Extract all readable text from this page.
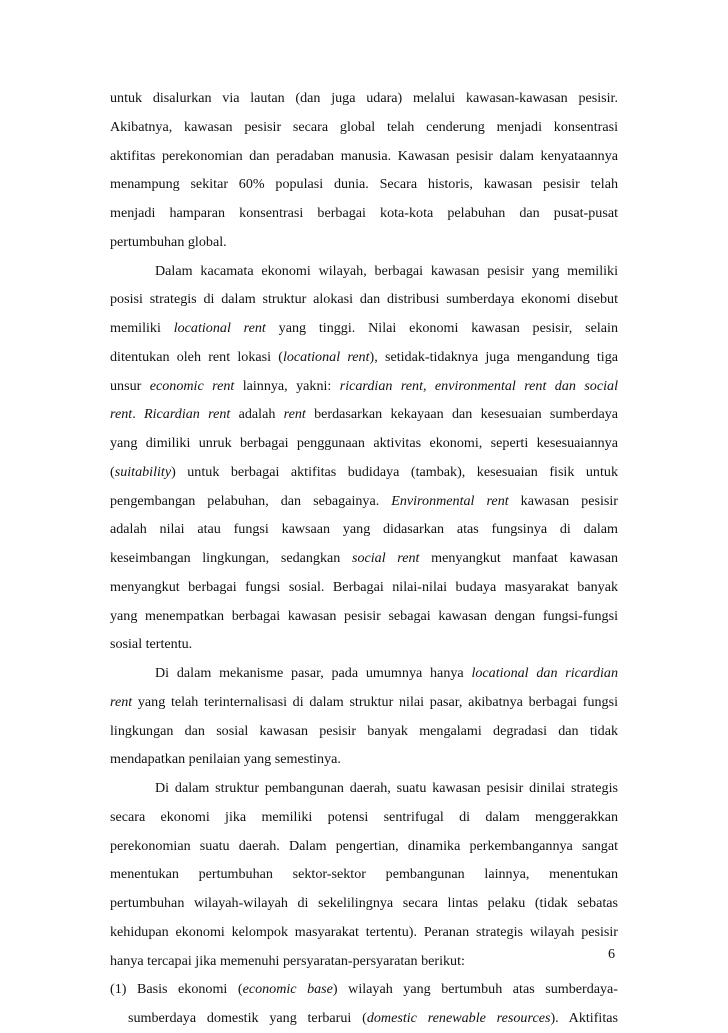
untuk disalurkan via lautan (dan juga udara) melalui kawasan-kawasan pesisir.
Akibatnya, kawasan pesisir secara global telah cenderung menjadi konsentrasi
aktifitas perekonomian dan peradaban manusia. Kawasan pesisir dalam kenyataannya
menampung sekitar 60% populasi dunia. Secara historis, kawasan pesisir telah
menjadi hamparan konsentrasi berbagai kota-kota pelabuhan dan pusat-pusat
pertumbuhan global.
Dalam kacamata ekonomi wilayah, berbagai kawasan pesisir yang memiliki
posisi strategis di dalam struktur alokasi dan distribusi sumberdaya ekonomi disebut
memiliki locational rent yang tinggi. Nilai ekonomi kawasan pesisir, selain
ditentukan oleh rent lokasi (locational rent), setidak-tidaknya juga mengandung tiga
unsur economic rent lainnya, yakni: ricardian rent, environmental rent dan social
rent. Ricardian rent adalah rent berdasarkan kekayaan dan kesesuaian sumberdaya
yang dimiliki unruk berbagai penggunaan aktivitas ekonomi, seperti kesesuaiannya
(suitability) untuk berbagai aktifitas budidaya (tambak), kesesuaian fisik untuk
pengembangan pelabuhan, dan sebagainya. Environmental rent kawasan pesisir
adalah nilai atau fungsi kawsaan yang didasarkan atas fungsinya di dalam
keseimbangan lingkungan, sedangkan social rent menyangkut manfaat kawasan
menyangkut berbagai fungsi sosial. Berbagai nilai-nilai budaya masyarakat banyak
yang menempatkan berbagai kawasan pesisir sebagai kawasan dengan fungsi-fungsi
sosial tertentu.
Di dalam mekanisme pasar, pada umumnya hanya locational dan ricardian
rent yang telah terinternalisasi di dalam struktur nilai pasar, akibatnya berbagai fungsi
lingkungan dan sosial kawasan pesisir banyak mengalami degradasi dan tidak
mendapatkan penilaian yang semestinya.
Di dalam struktur pembangunan daerah, suatu kawasan pesisir dinilai strategis
secara ekonomi jika memiliki potensi sentrifugal di dalam menggerakkan
perekonomian suatu daerah. Dalam pengertian, dinamika perkembangannya sangat
menentukan pertumbuhan sektor-sektor pembangunan lainnya, menentukan
pertumbuhan wilayah-wilayah di sekelilingnya secara lintas pelaku (tidak sebatas
kehidupan ekonomi kelompok masyarakat tertentu). Peranan strategis wilayah pesisir
hanya tercapai jika memenuhi persyaratan-persyaratan berikut:
(1) Basis ekonomi (economic base) wilayah yang bertumbuh atas sumberdaya-
sumberdaya domestik yang terbarui (domestic renewable resources). Aktifitas
6
